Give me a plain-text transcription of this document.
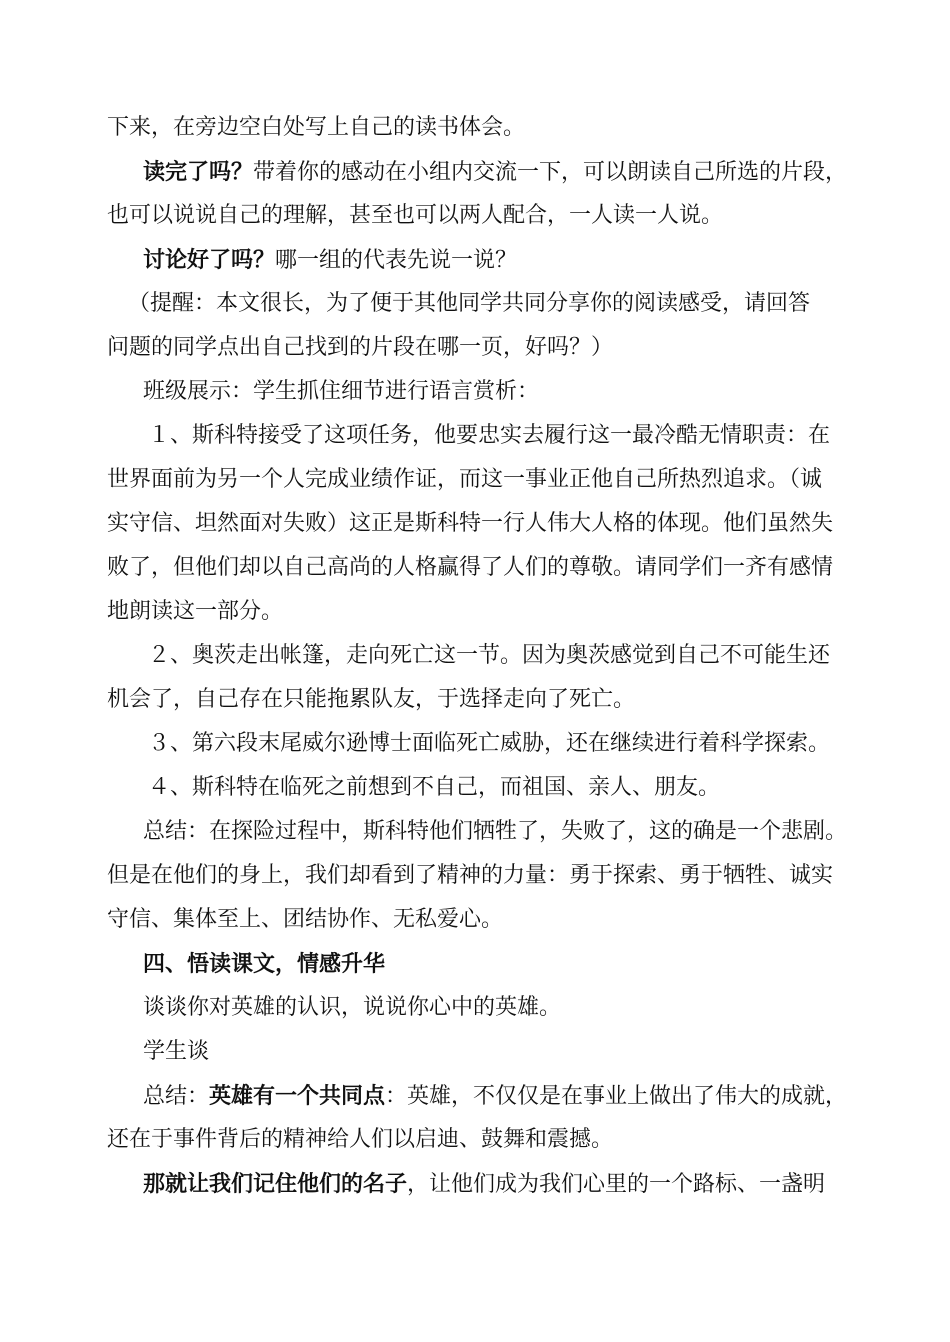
下来，在旁边空白处写上自己的读书体会。
读完了吗？带着你的感动在小组内交流一下，可以朗读自己所选的片段，
也可以说说自己的理解，甚至也可以两人配合，一人读一人说。
讨论好了吗？哪一组的代表先说一说？
（提醒：本文很长，为了便于其他同学共同分享你的阅读感受，请回答
问题的同学点出自己找到的片段在哪一页，好吗？）
班级展示：学生抓住细节进行语言赏析：
１、斯科特接受了这项任务，他要忠实去履行这一最冷酷无情职责：在
世界面前为另一个人完成业绩作证，而这一事业正他自己所热烈追求。（诚
实守信、坦然面对失败）这正是斯科特一行人伟大人格的体现。他们虽然失
败了，但他们却以自己高尚的人格赢得了人们的尊敬。请同学们一齐有感情
地朗读这一部分。
２、奥茨走出帐篷，走向死亡这一节。因为奥茨感觉到自己不可能生还
机会了，自己存在只能拖累队友，于选择走向了死亡。
３、第六段末尾威尔逊博士面临死亡威胁，还在继续进行着科学探索。
４、斯科特在临死之前想到不自己，而祖国、亲人、朋友。
总结：在探险过程中，斯科特他们牺牲了，失败了，这的确是一个悲剧。
但是在他们的身上，我们却看到了精神的力量：勇于探索、勇于牺牲、诚实
守信、集体至上、团结协作、无私爱心。
四、悟读课文，情感升华
谈谈你对英雄的认识，说说你心中的英雄。
学生谈
总结：英雄有一个共同点：英雄，不仅仅是在事业上做出了伟大的成就，
还在于事件背后的精神给人们以启迪、鼓舞和震撼。
那就让我们记住他们的名子，让他们成为我们心里的一个路标、一盏明
